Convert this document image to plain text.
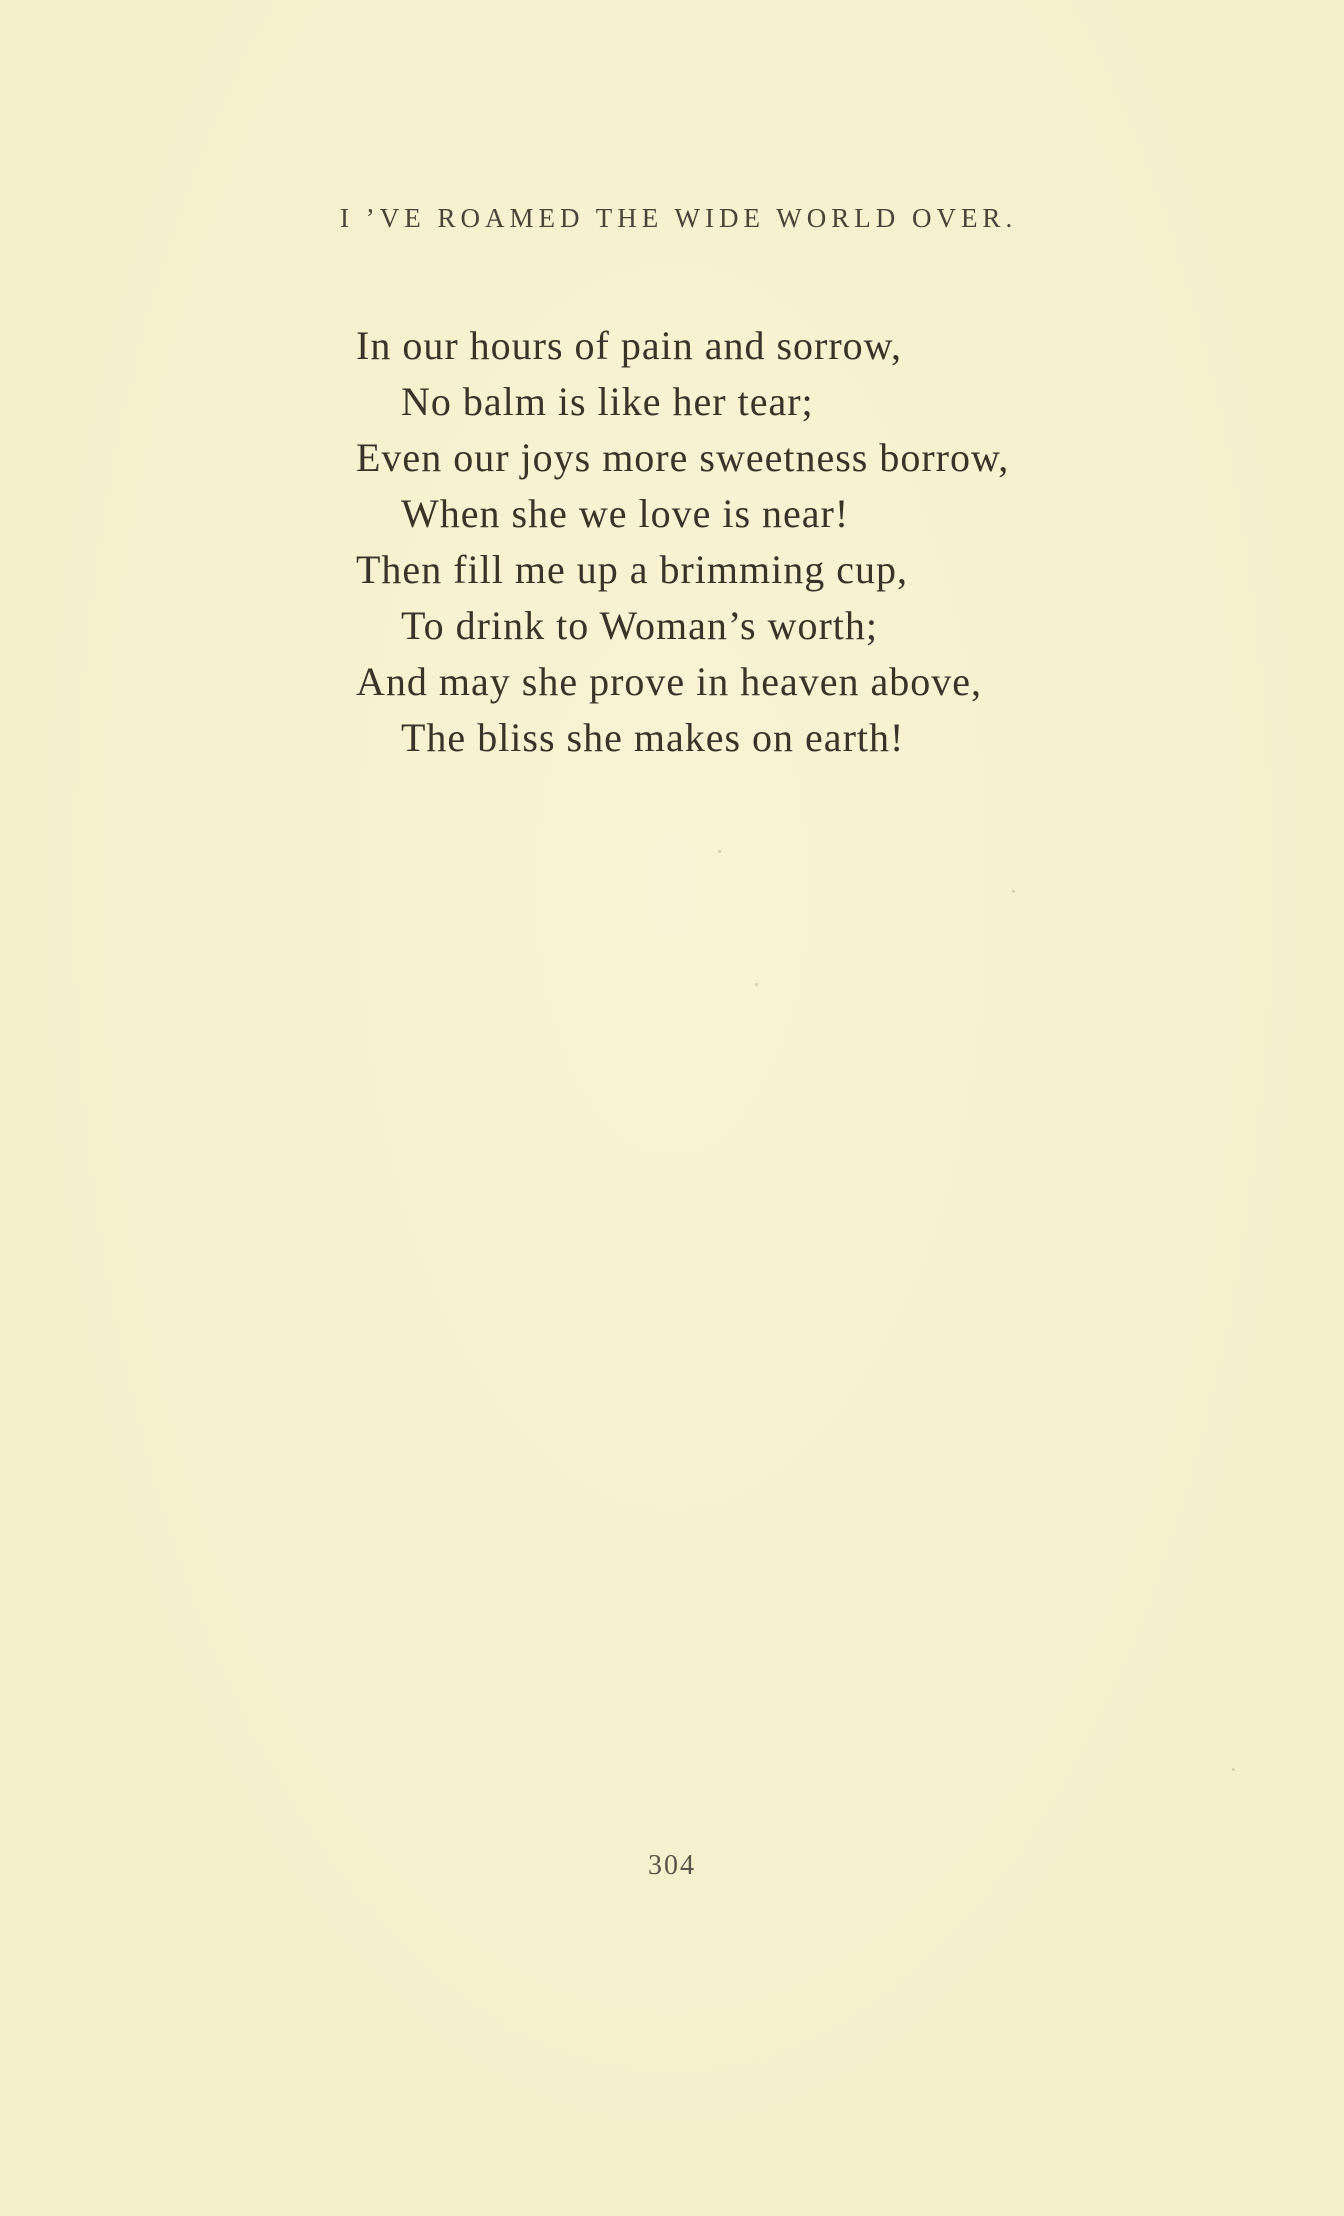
I ’VE ROAMED THE WIDE WORLD OVER.
In our hours of pain and sorrow,
No balm is like her tear;
Even our joys more sweetness borrow,
When she we love is near!
Then fill me up a brimming cup,
To drink to Woman’s worth;
And may she prove in heaven above,
The bliss she makes on earth!
304
